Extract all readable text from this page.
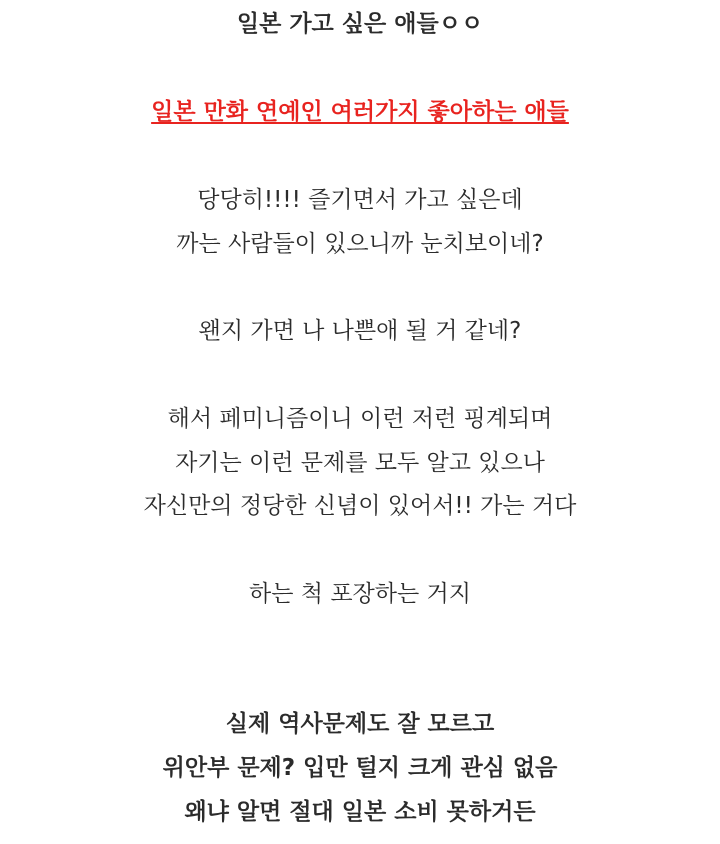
일본 가고 싶은 애들ㅇㅇ
일본 만화 연예인 여러가지 좋아하는 애들
당당히!!!! 즐기면서 가고 싶은데
까는 사람들이 있으니까 눈치보이네?
왠지 가면 나 나쁜애 될 거 같네?
해서 페미니즘이니 이런 저런 핑계되며
자기는 이런 문제를 모두 알고 있으나
자신만의 정당한 신념이 있어서!! 가는 거다
하는 척 포장하는 거지
실제 역사문제도 잘 모르고
위안부 문제? 입만 털지 크게 관심 없음
왜냐 알면 절대 일본 소비 못하거든
